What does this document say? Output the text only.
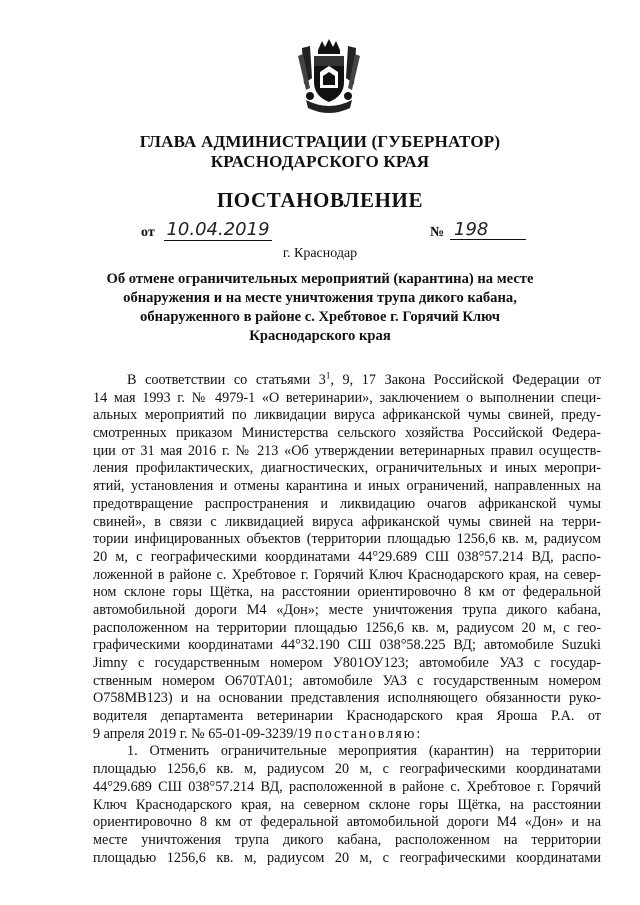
ГЛАВА АДМИНИСТРАЦИИ (ГУБЕРНАТОР)
КРАСНОДАРСКОГО КРАЯ
ПОСТАНОВЛЕНИЕ
от 10.04.2019	№ 198
г. Краснодар
Об отмене ограничительных мероприятий (карантина) на месте
обнаружения и на месте уничтожения трупа дикого кабана,
обнаруженного в районе с. Хребтовое г. Горячий Ключ
Краснодарского края
В соответствии со статьями $3^1$, 9, 17 Закона Российской Федерации от
14 мая 1993 г. № 4979-1 «О ветеринарии», заключением о выполнении специ-
альных мероприятий по ликвидации вируса африканской чумы свиней, преду-
смотренных приказом Министерства сельского хозяйства Российской Федера-
ции от 31 мая 2016 г. № 213 «Об утверждении ветеринарных правил осуществ-
ления профилактических, диагностических, ограничительных и иных меропри-
ятий, установления и отмены карантина и иных ограничений, направленных на
предотвращение распространения и ликвидацию очагов африканской чумы
свиней», в связи с ликвидацией вируса африканской чумы свиней на терри-
тории инфицированных объектов (территории площадью 1256,6 кв. м, радиусом
20 м, с географическими координатами 44°29.689 СШ 038°57.214 ВД, распо-
ложенной в районе с. Хребтовое г. Горячий Ключ Краснодарского края, на север-
ном склоне горы Щётка, на расстоянии ориентировочно 8 км от федеральной
автомобильной дороги М4 «Дон»; месте уничтожения трупа дикого кабана,
расположенном на территории площадью 1256,6 кв. м, радиусом 20 м, с гео-
графическими координатами 44°32.190 СШ 038°58.225 ВД; автомобиле Suzuki
Jimny с государственным номером У801ОУ123; автомобиле УАЗ с государ-
ственным номером О670ТА01; автомобиле УАЗ с государственным номером
О758МВ123) и на основании представления исполняющего обязанности руко-
водителя департамента ветеринарии Краснодарского края Яроша Р.А. от
9 апреля 2019 г. № 65-01-09-3239/19 постановляю:
1. Отменить ограничительные мероприятия (карантин) на территории
площадью 1256,6 кв. м, радиусом 20 м, с географическими координатами
44°29.689 СШ 038°57.214 ВД, расположенной в районе с. Хребтовое г. Горячий
Ключ Краснодарского края, на северном склоне горы Щётка, на расстоянии
ориентировочно 8 км от федеральной автомобильной дороги М4 «Дон» и на
месте уничтожения трупа дикого кабана, расположенном на территории
площадью 1256,6 кв. м, радиусом 20 м, с географическими координатами
